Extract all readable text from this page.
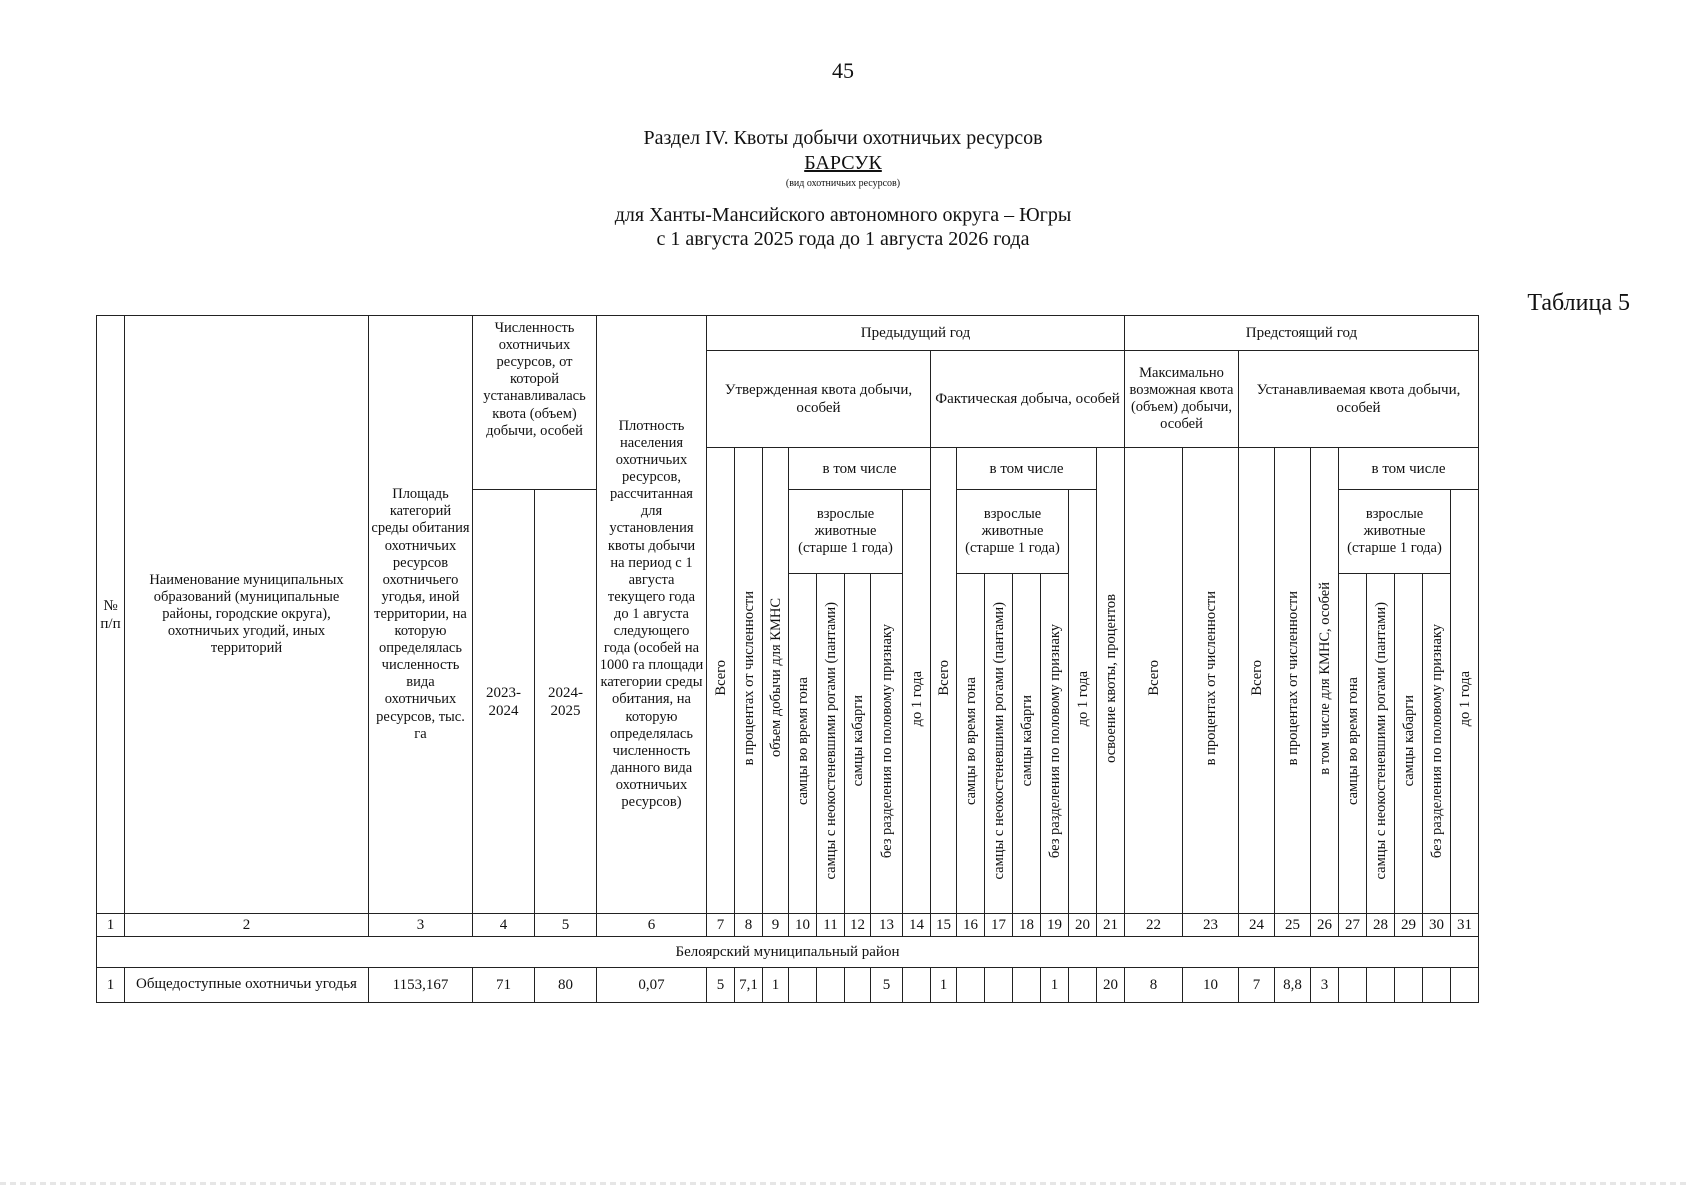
45
Раздел IV. Квоты добычи охотничьих ресурсов
БАРСУК
(вид охотничьих ресурсов)
для Ханты-Мансийского автономного округа – Югры
с 1 августа 2025 года до 1 августа 2026 года
Таблица 5
№ п/п	Наименование муниципальных образований (муниципальные районы, городские округа), охотничьих угодий, иных территорий	Площадь категорий среды обитания охотничьих ресурсов охотничьего угодья, иной территории, на которую определялась численность вида охотничьих ресурсов, тыс. га	Численность охотничьих ресурсов, от которой устанавливалась квота (объем) добычи, особей		Плотность населения охотничьих ресурсов, рассчитанная для установления квоты добычи на период с 1 августа текущего года до 1 августа следующего года (особей на 1000 га площади категории среды обитания, на которую определялась численность данного вида охотничьих ресурсов)	Предыдущий год															Предстоящий год									
						Утвержденная квота добычи, особей								Фактическая добыча, особей							Максимально возможная квота (объем) добычи, особей		Устанавливаемая квота добычи, особей							
						Всего	в процентах от численности	объем добычи для КМНС	в том числе					Всего	в том числе					освоение квоты, процентов	Всего	в процентах от численности	Всего	в процентах от численности	в том числе для КМНС, особей	в том числе				
			2023-2024	2024-2025					взрослые животные (старше 1 года)				до 1 года		взрослые животные (старше 1 года)				до 1 года							взрослые животные (старше 1 года)				до 1 года
									самцы во время гона	самцы с неокостеневшими рогами (пантами)	самцы кабарги	без разделения по половому признаку			самцы во время гона	самцы с неокостеневшими рогами (пантами)	самцы кабарги	без разделения по половому признаку								самцы во время гона	самцы с неокостеневшими рогами (пантами)	самцы кабарги	без разделения по половому признаку	

1	2	3	4	5	6	7	8	9	10	11	12	13	14	15	16	17	18	19	20	21	22	23	24	25	26	27	28	29	30	31
Белоярский муниципальный район																														
1	Общедоступные охотничьи угодья	1153,167	71	80	0,07	5	7,1	1				5		1				1		20	8	10	7	8,8	3					
